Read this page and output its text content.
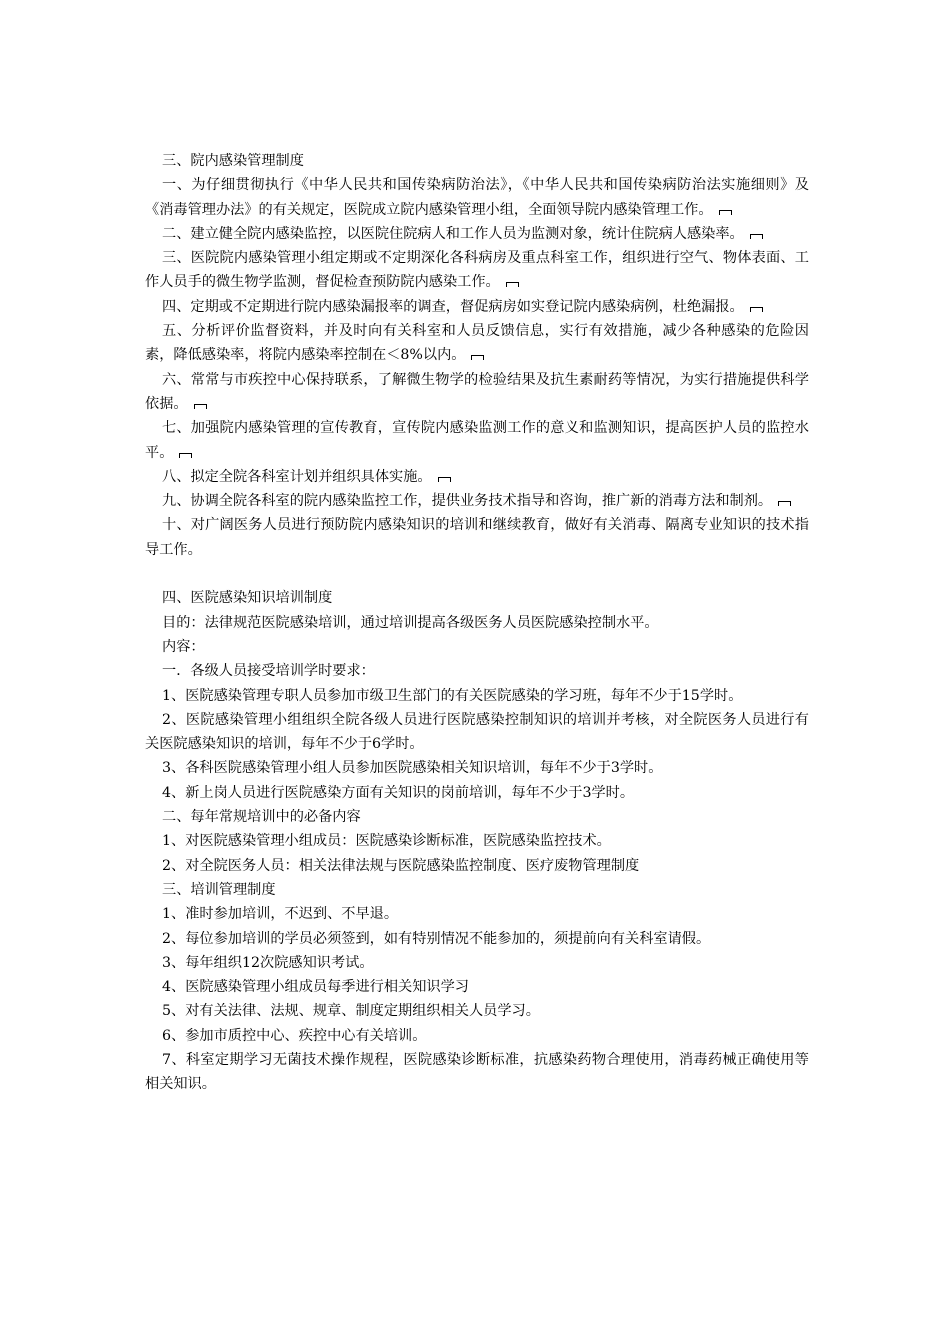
三、院内感染管理制度

一、为仔细贯彻执行《中华人民共和国传染病防治法》，《中华人民共和国传染病防治法实施细则》及《消毒管理办法》的有关规定，医院成立院内感染管理小组，全面领导院内感染管理工作。

二、建立健全院内感染监控，以医院住院病人和工作人员为监测对象，统计住院病人感染率。

三、医院院内感染管理小组定期或不定期深化各科病房及重点科室工作，组织进行空气、物体表面、工作人员手的微生物学监测，督促检查预防院内感染工作。

四、定期或不定期进行院内感染漏报率的调查，督促病房如实登记院内感染病例，杜绝漏报。

五、分析评价监督资料，并及时向有关科室和人员反馈信息，实行有效措施，减少各种感染的危险因素，降低感染率，将院内感染率控制在＜8%以内。

六、常常与市疾控中心保持联系，了解微生物学的检验结果及抗生素耐药等情况，为实行措施提供科学依据。

七、加强院内感染管理的宣传教育，宣传院内感染监测工作的意义和监测知识，提高医护人员的监控水平。

八、拟定全院各科室计划并组织具体实施。

九、协调全院各科室的院内感染监控工作，提供业务技术指导和咨询，推广新的消毒方法和制剂。

十、对广阔医务人员进行预防院内感染知识的培训和继续教育，做好有关消毒、隔离专业知识的技术指导工作。

四、医院感染知识培训制度

目的：法律规范医院感染培训，通过培训提高各级医务人员医院感染控制水平。

内容：

一．各级人员接受培训学时要求：

1、医院感染管理专职人员参加市级卫生部门的有关医院感染的学习班，每年不少于15学时。

2、医院感染管理小组组织全院各级人员进行医院感染控制知识的培训并考核，对全院医务人员进行有关医院感染知识的培训，每年不少于6学时。

3、各科医院感染管理小组人员参加医院感染相关知识培训，每年不少于3学时。

4、新上岗人员进行医院感染方面有关知识的岗前培训，每年不少于3学时。

二、每年常规培训中的必备内容

1、对医院感染管理小组成员：医院感染诊断标准，医院感染监控技术。

2、对全院医务人员：相关法律法规与医院感染监控制度、医疗废物管理制度

三、培训管理制度

1、准时参加培训，不迟到、不早退。

2、每位参加培训的学员必须签到，如有特别情况不能参加的，须提前向有关科室请假。

3、每年组织12次院感知识考试。

4、医院感染管理小组成员每季进行相关知识学习

5、对有关法律、法规、规章、制度定期组织相关人员学习。

6、参加市质控中心、疾控中心有关培训。

7、科室定期学习无菌技术操作规程，医院感染诊断标准，抗感染药物合理使用，消毒药械正确使用等相关知识。
